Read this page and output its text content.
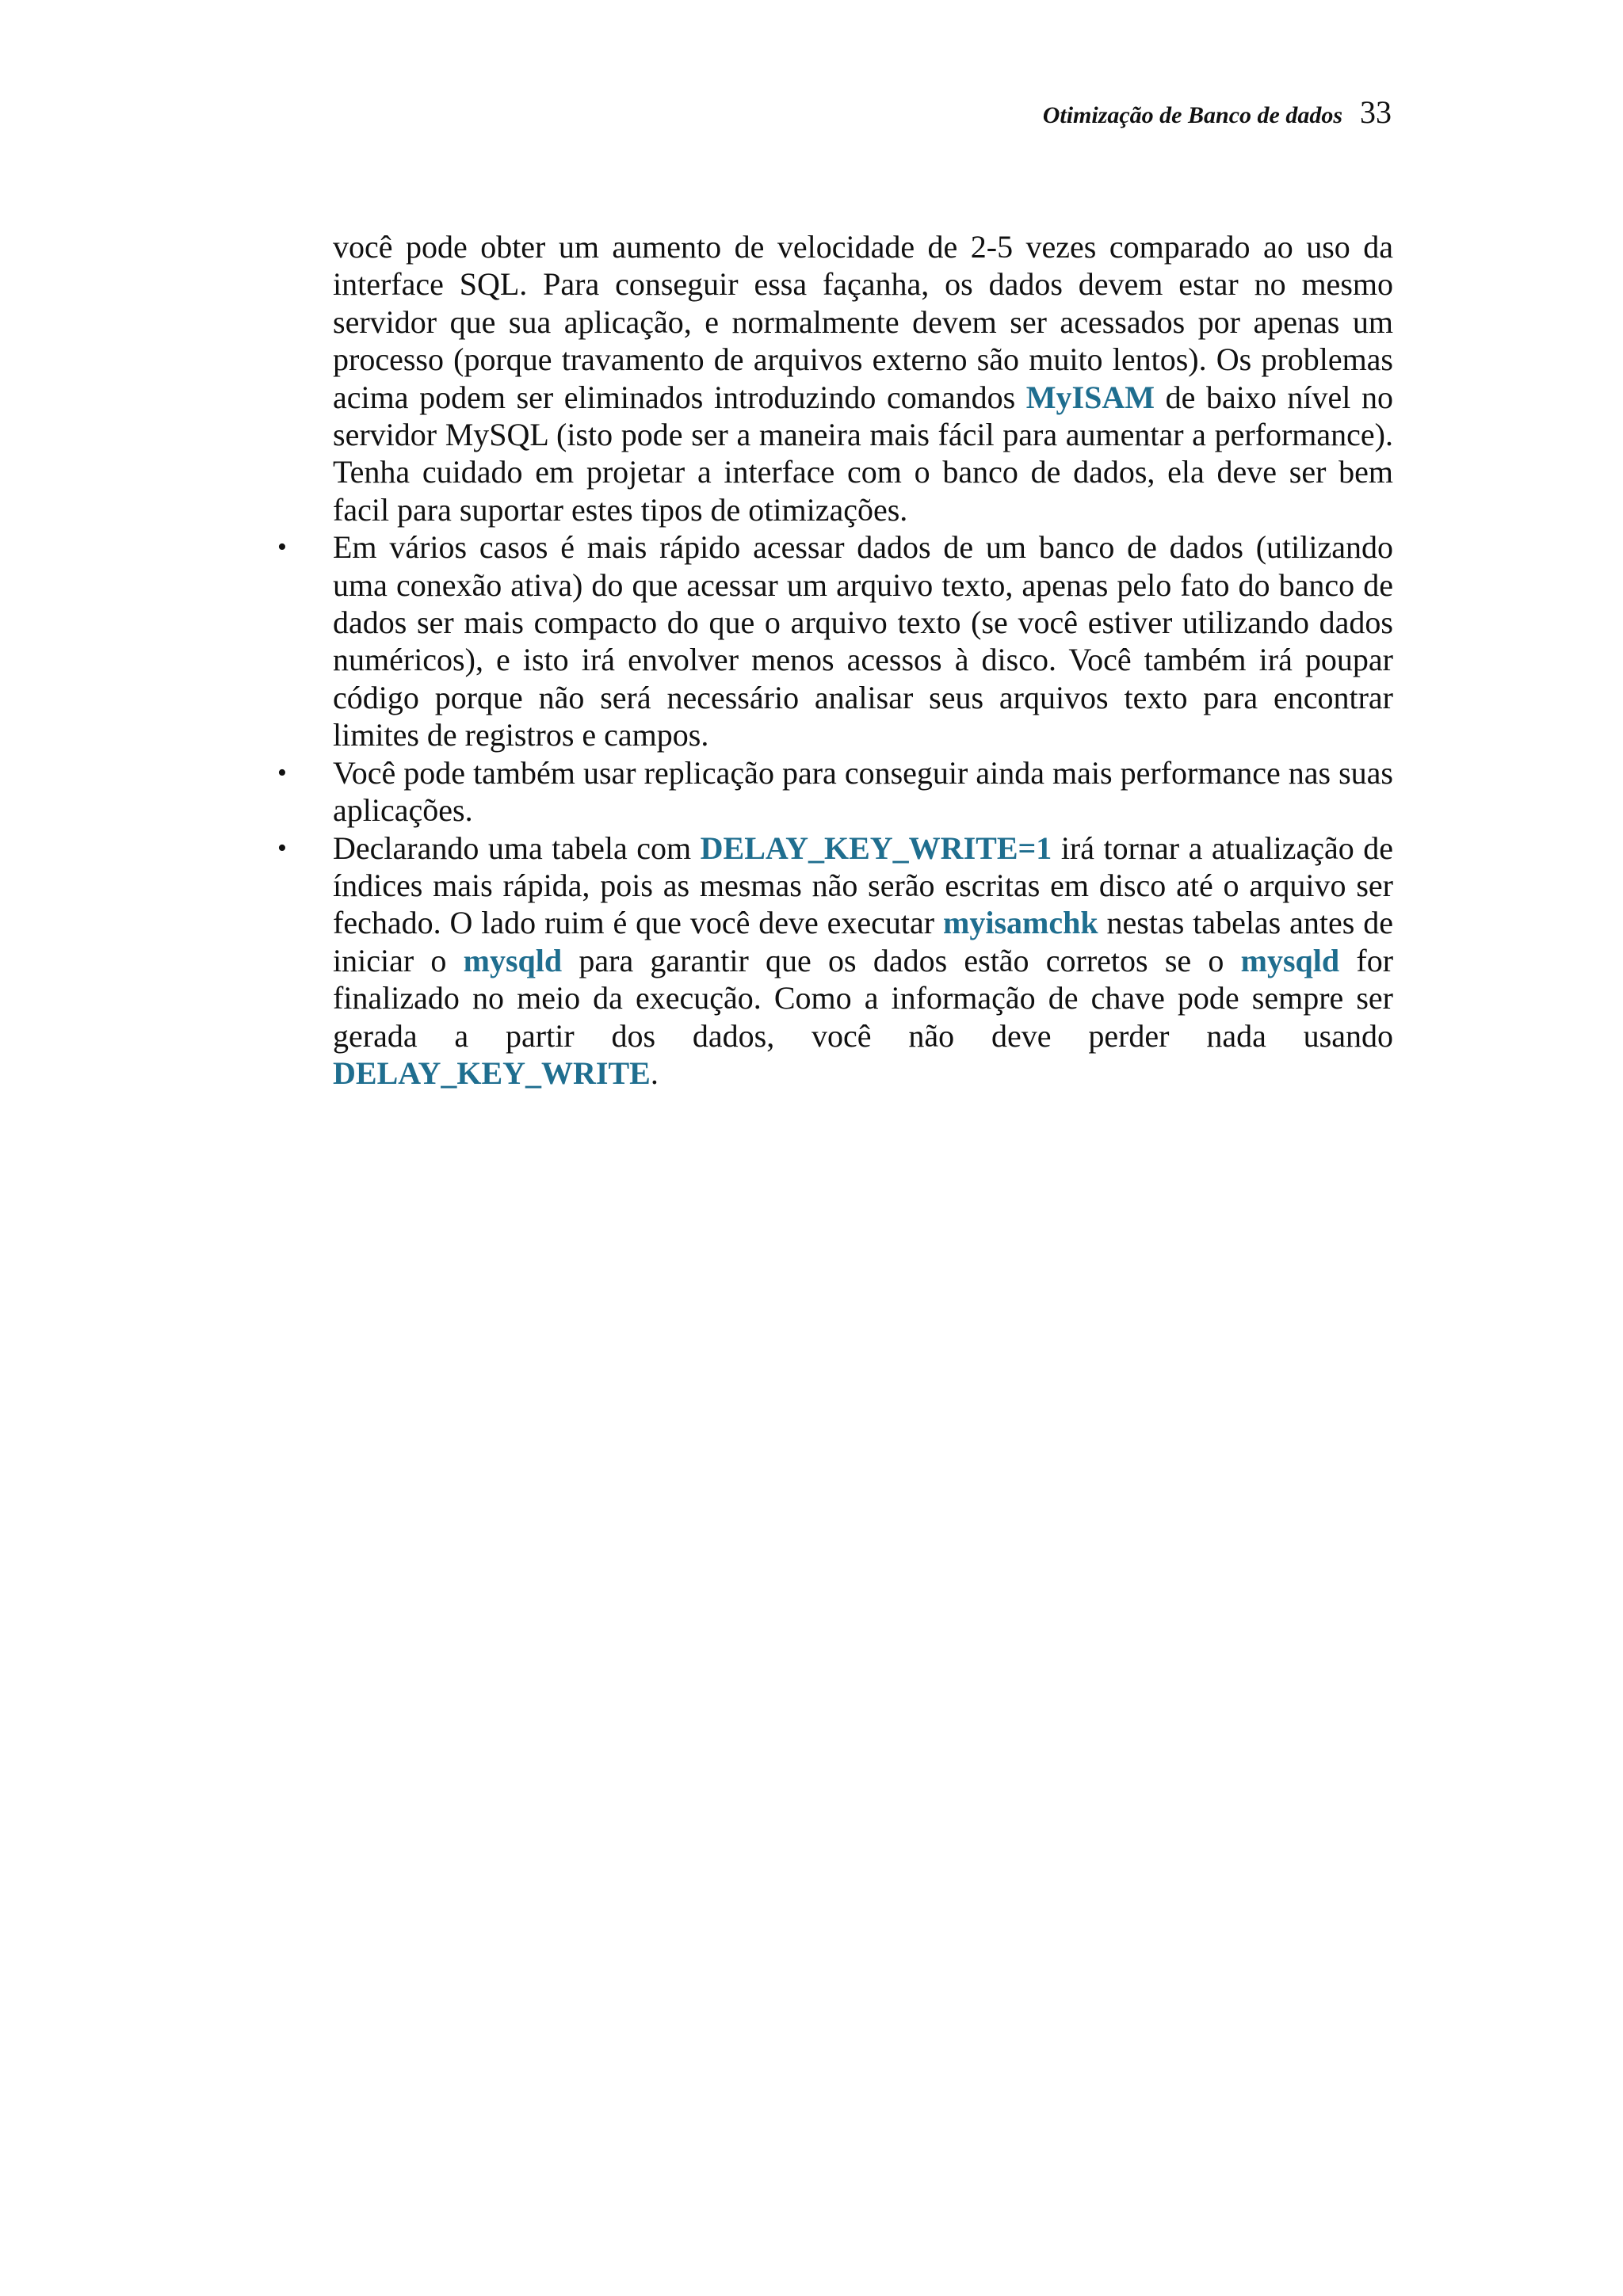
Otimização de Banco de dados 33

você pode obter um aumento de velocidade de 2-5 vezes comparado ao uso da interface SQL. Para conseguir essa façanha, os dados devem estar no mesmo servidor que sua aplicação, e normalmente devem ser acessados por apenas um processo (porque travamento de arquivos externo são muito lentos). Os problemas acima podem ser eliminados introduzindo comandos MyISAM de baixo nível no servidor MySQL (isto pode ser a maneira mais fácil para aumentar a performance). Tenha cuidado em projetar a interface com o banco de dados, ela deve ser bem facil para suportar estes tipos de otimizações.

• Em vários casos é mais rápido acessar dados de um banco de dados (utilizando uma conexão ativa) do que acessar um arquivo texto, apenas pelo fato do banco de dados ser mais compacto do que o arquivo texto (se você estiver utilizando dados numéricos), e isto irá envolver menos acessos à disco. Você também irá poupar código porque não será necessário analisar seus arquivos texto para encontrar limites de registros e campos.
• Você pode também usar replicação para conseguir ainda mais performance nas suas aplicações.
• Declarando uma tabela com DELAY_KEY_WRITE=1 irá tornar a atualização de índices mais rápida, pois as mesmas não serão escritas em disco até o arquivo ser fechado. O lado ruim é que você deve executar myisamchk nestas tabelas antes de iniciar o mysqld para garantir que os dados estão corretos se o mysqld for finalizado no meio da execução. Como a informação de chave pode sempre ser gerada a partir dos dados, você não deve perder nada usando DELAY_KEY_WRITE.
